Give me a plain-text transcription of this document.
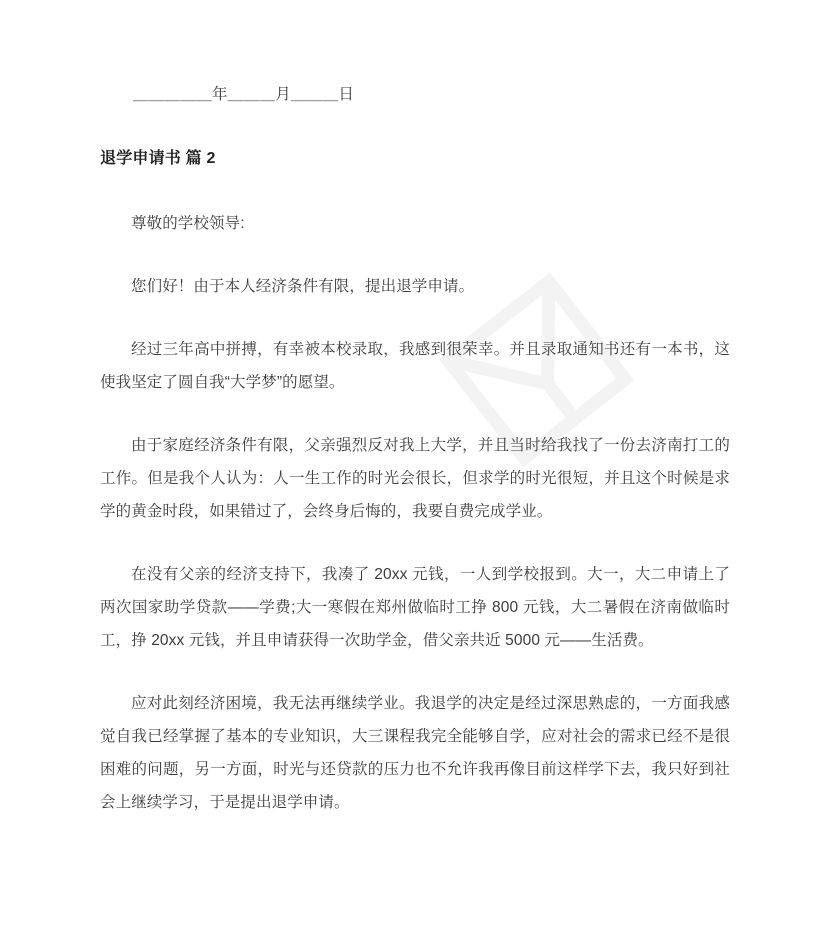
＿＿＿＿＿年＿＿＿月＿＿＿日

退学申请书 篇 2

尊敬的学校领导:

您们好！由于本人经济条件有限，提出退学申请。

经过三年高中拼搏，有幸被本校录取，我感到很荣幸。并且录取通知书还有一本书，这使我坚定了圆自我“大学梦”的愿望。

由于家庭经济条件有限，父亲强烈反对我上大学，并且当时给我找了一份去济南打工的工作。但是我个人认为：人一生工作的时光会很长，但求学的时光很短，并且这个时候是求学的黄金时段，如果错过了，会终身后悔的，我要自费完成学业。

在没有父亲的经济支持下，我凑了 20xx 元钱，一人到学校报到。大一，大二申请上了两次国家助学贷款——学费;大一寒假在郑州做临时工挣 800 元钱，大二暑假在济南做临时工，挣 20xx 元钱，并且申请获得一次助学金，借父亲共近 5000 元——生活费。

应对此刻经济困境，我无法再继续学业。我退学的决定是经过深思熟虑的，一方面我感觉自我已经掌握了基本的专业知识，大三课程我完全能够自学，应对社会的需求已经不是很困难的问题，另一方面，时光与还贷款的压力也不允许我再像目前这样学下去，我只好到社会上继续学习，于是提出退学申请。
